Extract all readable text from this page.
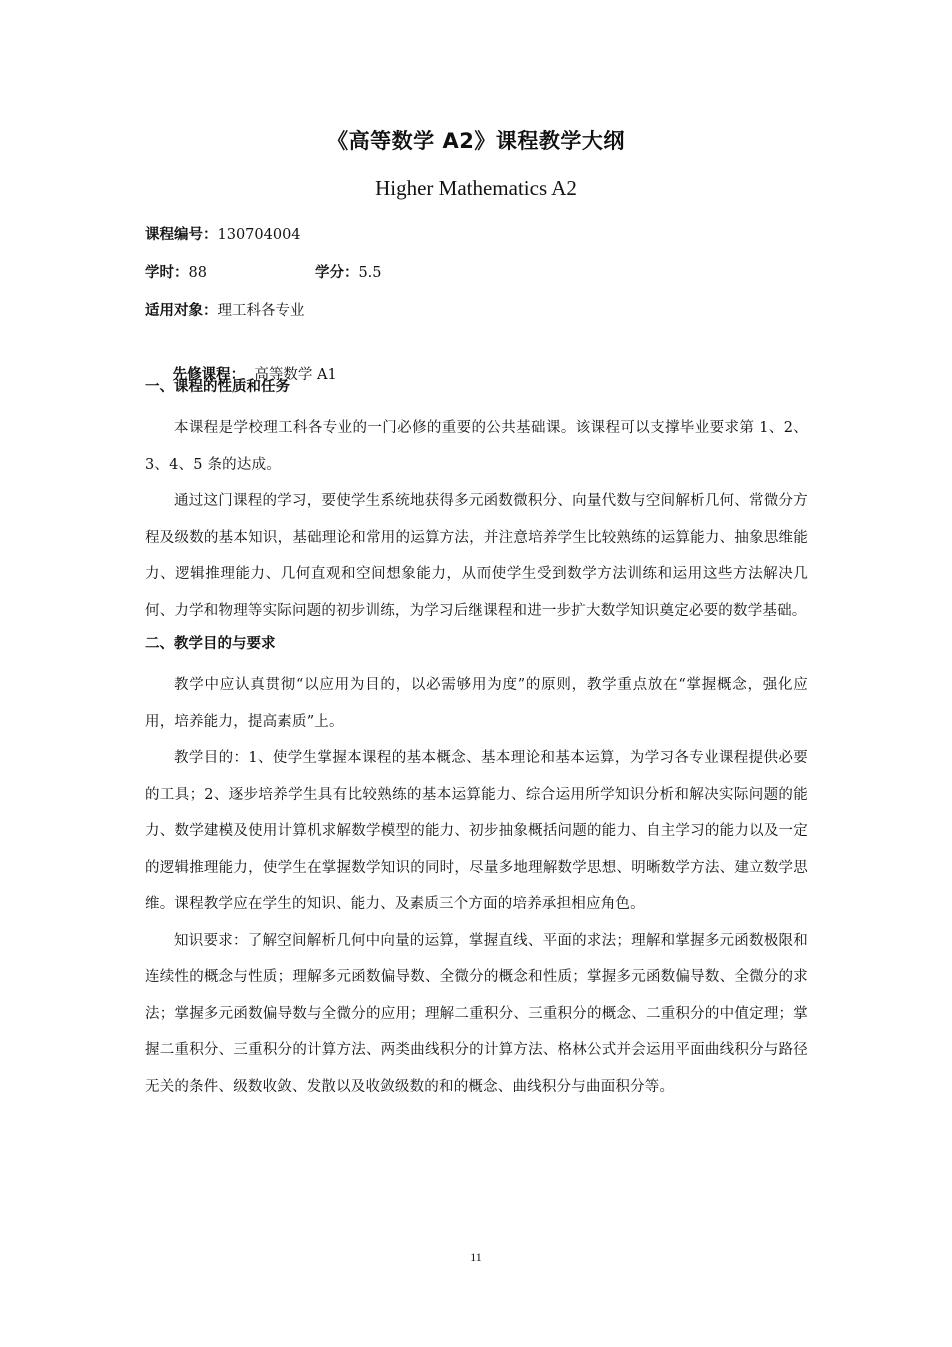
《高等数学 A2》课程教学大纲
Higher Mathematics A2
课程编号：130704004
学时：88	学分：5.5
适用对象：理工科各专业

先修课程：  高等数学 A1

一、课程的性质和任务

本课程是学校理工科各专业的一门必修的重要的公共基础课。该课程可以支撑毕业要求第 1、2、3、4、5 条的达成。

通过这门课程的学习，要使学生系统地获得多元函数微积分、向量代数与空间解析几何、常微分方程及级数的基本知识，基础理论和常用的运算方法，并注意培养学生比较熟练的运算能力、抽象思维能力、逻辑推理能力、几何直观和空间想象能力，从而使学生受到数学方法训练和运用这些方法解决几何、力学和物理等实际问题的初步训练，为学习后继课程和进一步扩大数学知识奠定必要的数学基础。

二、教学目的与要求

教学中应认真贯彻“以应用为目的，以必需够用为度”的原则，教学重点放在“掌握概念，强化应用，培养能力，提高素质”上。

教学目的：1、使学生掌握本课程的基本概念、基本理论和基本运算，为学习各专业课程提供必要的工具；2、逐步培养学生具有比较熟练的基本运算能力、综合运用所学知识分析和解决实际问题的能力、数学建模及使用计算机求解数学模型的能力、初步抽象概括问题的能力、自主学习的能力以及一定的逻辑推理能力，使学生在掌握数学知识的同时，尽量多地理解数学思想、明晰数学方法、建立数学思维。课程教学应在学生的知识、能力、及素质三个方面的培养承担相应角色。

知识要求：了解空间解析几何中向量的运算，掌握直线、平面的求法；理解和掌握多元函数极限和连续性的概念与性质；理解多元函数偏导数、全微分的概念和性质；掌握多元函数偏导数、全微分的求法；掌握多元函数偏导数与全微分的应用；理解二重积分、三重积分的概念、二重积分的中值定理；掌握二重积分、三重积分的计算方法、两类曲线积分的计算方法、格林公式并会运用平面曲线积分与路径无关的条件、级数收敛、发散以及收敛级数的和的概念、曲线积分与曲面积分等。

11
